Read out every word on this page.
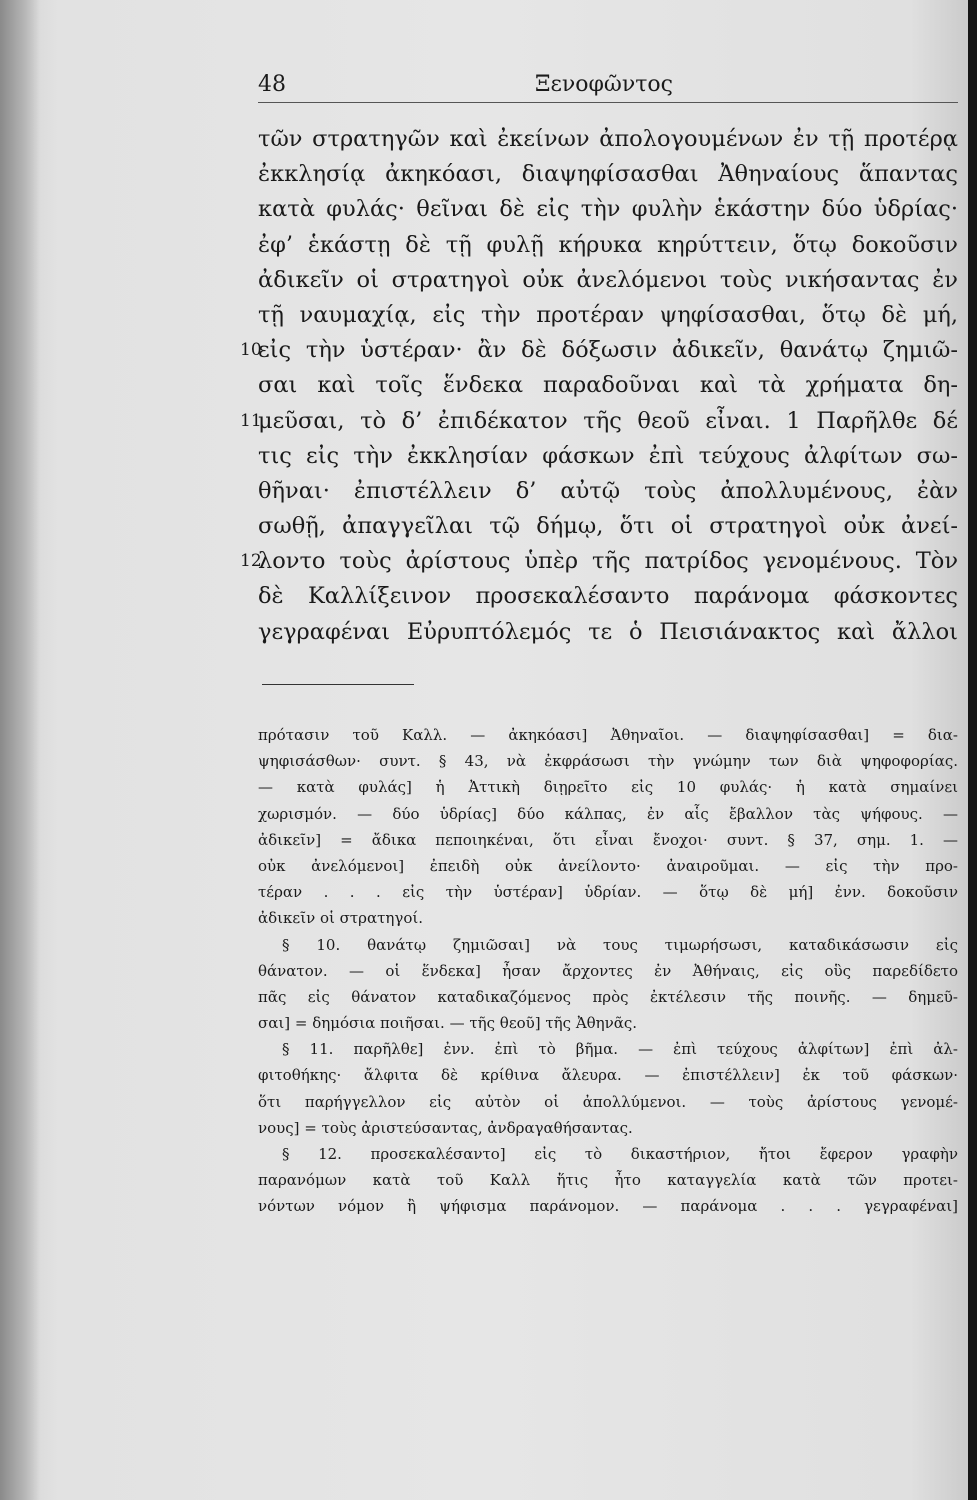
48	Ξενοφῶντος
τῶν στρατηγῶν καὶ ἐκείνων ἀπολογουμένων ἐν τῇ προτέρᾳ
ἐκκλησίᾳ ἀκηκόασι, διαψηφίσασθαι Ἀθηναίους ἅπαντας
κατὰ φυλάς· θεῖναι δὲ εἰς τὴν φυλὴν ἑκάστην δύο ὑδρίας·
ἐφ’ ἑκάστῃ δὲ τῇ φυλῇ κήρυκα κηρύττειν, ὅτῳ δοκοῦσιν
ἀδικεῖν οἱ στρατηγοὶ οὐκ ἀνελόμενοι τοὺς νικήσαντας ἐν
τῇ ναυμαχίᾳ, εἰς τὴν προτέραν ψηφίσασθαι, ὅτῳ δὲ μή,
10
εἰς τὴν ὑστέραν· ἂν δὲ δόξωσιν ἀδικεῖν, θανάτῳ ζημιῶ-
σαι καὶ τοῖς ἕνδεκα παραδοῦναι καὶ τὰ χρήματα δη-
11
μεῦσαι, τὸ δ’ ἐπιδέκατον τῆς θεοῦ εἶναι. 1 Παρῆλθε δέ
τις εἰς τὴν ἐκκλησίαν φάσκων ἐπὶ τεύχους ἀλφίτων σω-
θῆναι· ἐπιστέλλειν δ’ αὐτῷ τοὺς ἀπολλυμένους, ἐὰν
σωθῇ, ἀπαγγεῖλαι τῷ δήμῳ, ὅτι οἱ στρατηγοὶ οὐκ ἀνεί-
12
λοντο τοὺς ἀρίστους ὑπὲρ τῆς πατρίδος γενομένους. Τὸν
δὲ Καλλίξεινον προσεκαλέσαντο παράνομα φάσκοντες
γεγραφέναι Εὐρυπτόλεμός τε ὁ Πεισιάνακτος καὶ ἄλλοι
πρότασιν τοῦ Καλλ. — ἀκηκόασι] Ἀθηναῖοι. — διαψηφίσασθαι] = δια-
ψηφισάσθων· συντ. § 43, νὰ ἐκφράσωσι τὴν γνώμην των διὰ ψηφοφορίας.
— κατὰ φυλάς] ἡ Ἀττικὴ διῃρεῖτο εἰς 10 φυλάς· ἡ κατὰ σημαίνει
χωρισμόν. — δύο ὑδρίας] δύο κάλπας, ἐν αἷς ἔβαλλον τὰς ψήφους. —
ἀδικεῖν] = ἄδικα πεποιηκέναι, ὅτι εἶναι ἔνοχοι· συντ. § 37, σημ. 1. —
οὐκ ἀνελόμενοι] ἐπειδὴ οὐκ ἀνείλοντο· ἀναιροῦμαι. — εἰς τὴν προ-
τέραν . . . εἰς τὴν ὑστέραν] ὑδρίαν. — ὅτῳ δὲ μή] ἐνν. δοκοῦσιν
ἀδικεῖν οἱ στρατηγοί.
§ 10. θανάτῳ ζημιῶσαι] νὰ τους τιμωρήσωσι, καταδικάσωσιν εἰς
θάνατον. — οἱ ἕνδεκα] ἦσαν ἄρχοντες ἐν Ἀθήναις, εἰς οὓς παρεδίδετο
πᾶς εἰς θάνατον καταδικαζόμενος πρὸς ἐκτέλεσιν τῆς ποινῆς. — δημεῦ-
σαι] = δημόσια ποιῆσαι. — τῆς θεοῦ] τῆς Ἀθηνᾶς.
§ 11. παρῆλθε] ἐνν. ἐπὶ τὸ βῆμα. — ἐπὶ τεύχους ἀλφίτων] ἐπὶ ἀλ-
φιτοθήκης· ἄλφιτα δὲ κρίθινα ἄλευρα. — ἐπιστέλλειν] ἐκ τοῦ φάσκων·
ὅτι παρήγγελλον εἰς αὐτὸν οἱ ἀπολλύμενοι. — τοὺς ἀρίστους γενομέ-
νους] = τοὺς ἀριστεύσαντας, ἀνδραγαθήσαντας.
§ 12. προσεκαλέσαντο] εἰς τὸ δικαστήριον, ἤτοι ἔφερον γραφὴν
παρανόμων κατὰ τοῦ Καλλ ἥτις ἦτο καταγγελία κατὰ τῶν προτει-
νόντων νόμον ἢ ψήφισμα παράνομον. — παράνομα . . . γεγραφέναι]
